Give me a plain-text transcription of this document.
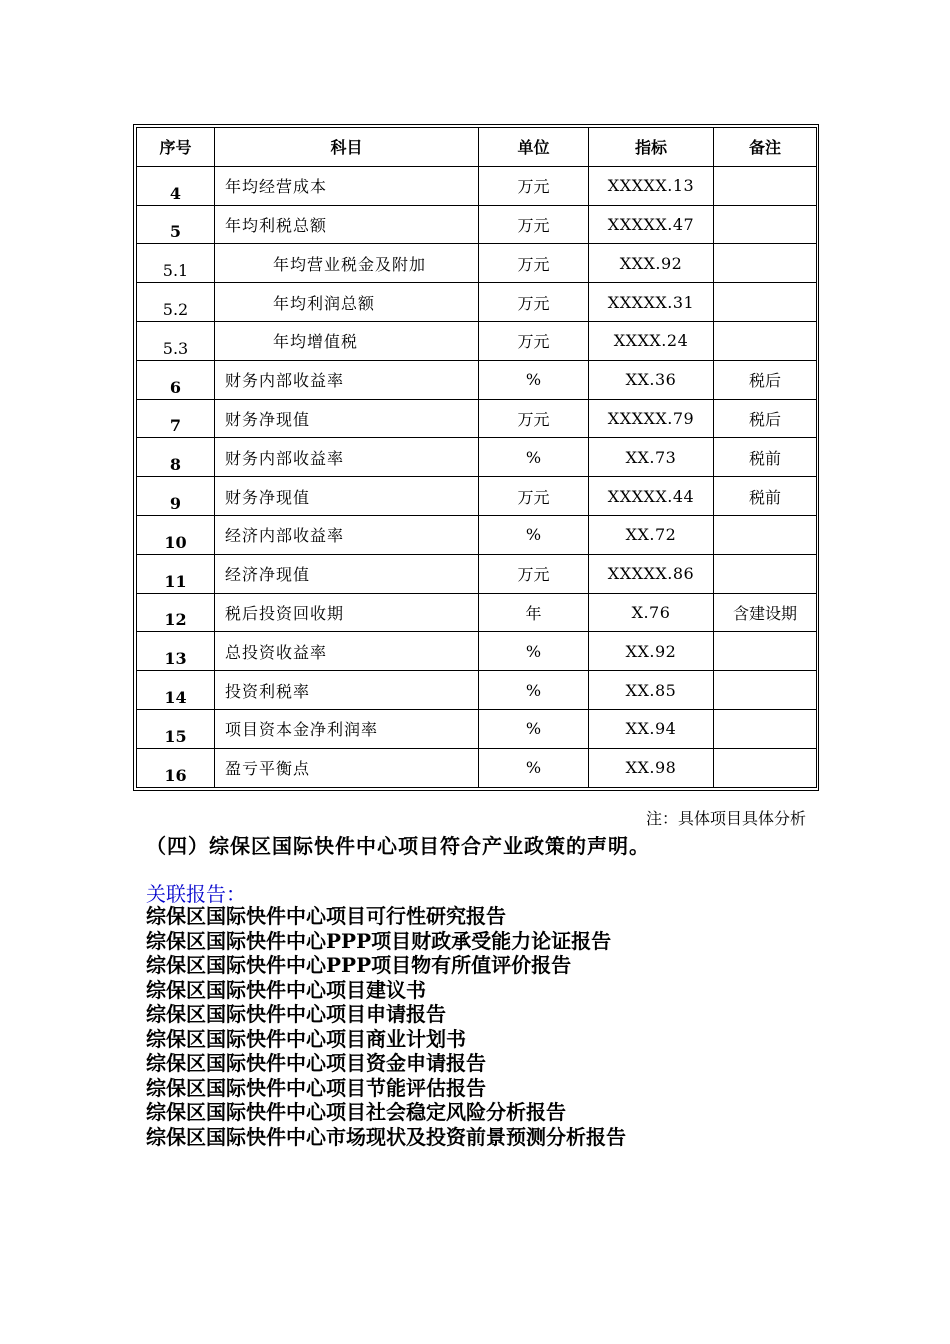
序号	科目	单位	指标	备注
4	年均经营成本	万元	XXXXX.13	
5	年均利税总额	万元	XXXXX.47	
5.1	年均营业税金及附加	万元	XXX.92	
5.2	年均利润总额	万元	XXXXX.31	
5.3	年均增值税	万元	XXXX.24	
6	财务内部收益率	%	XX.36	税后
7	财务净现值	万元	XXXXX.79	税后
8	财务内部收益率	%	XX.73	税前
9	财务净现值	万元	XXXXX.44	税前
10	经济内部收益率	%	XX.72	
11	经济净现值	万元	XXXXX.86	
12	税后投资回收期	年	X.76	含建设期
13	总投资收益率	%	XX.92	
14	投资利税率	%	XX.85	
15	项目资本金净利润率	%	XX.94	
16	盈亏平衡点	%	XX.98	
注：具体项目具体分析
（四）综保区国际快件中心项目符合产业政策的声明。
关联报告：
综保区国际快件中心项目可行性研究报告
综保区国际快件中心PPP项目财政承受能力论证报告
综保区国际快件中心PPP项目物有所值评价报告
综保区国际快件中心项目建议书
综保区国际快件中心项目申请报告
综保区国际快件中心项目商业计划书
综保区国际快件中心项目资金申请报告
综保区国际快件中心项目节能评估报告
综保区国际快件中心项目社会稳定风险分析报告
综保区国际快件中心市场现状及投资前景预测分析报告
